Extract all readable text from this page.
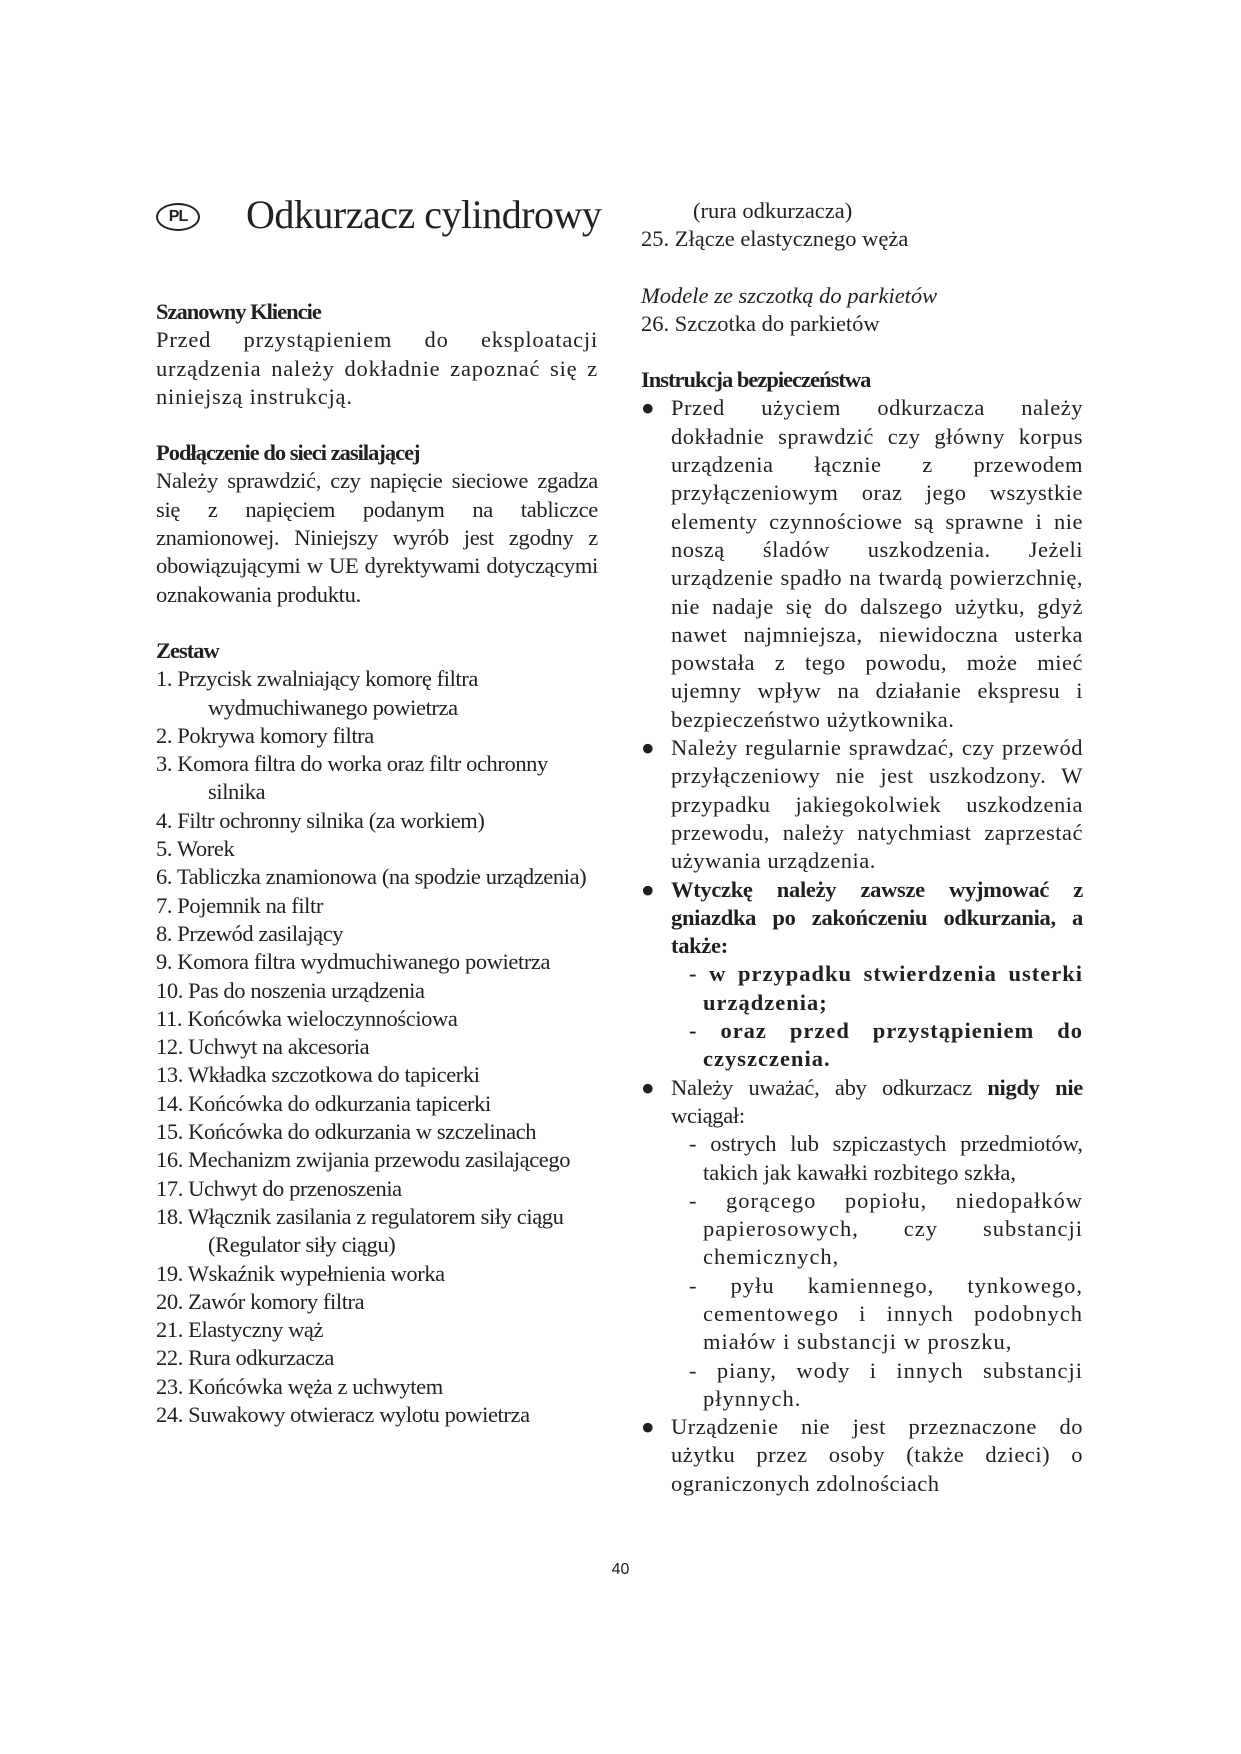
PL	Odkurzacz cylindrowy
Szanowny Kliencie

Przed przystąpieniem do eksploatacji urządzenia należy dokładnie zapoznać się z niniejszą instrukcją.

Podłączenie do sieci zasilającej

Należy sprawdzić, czy napięcie sieciowe zgadza się z napięciem podanym na tabliczce znamionowej. Niniejszy wyrób jest zgodny z obowiązującymi w UE dyrektywami dotyczącymi oznakowania produktu.

Zestaw
1. Przycisk zwalniający komorę filtra wydmuchiwanego powietrza
2. Pokrywa komory filtra
3. Komora filtra do worka oraz filtr ochronny silnika
4. Filtr ochronny silnika (za workiem)
5. Worek
6. Tabliczka znamionowa (na spodzie urządzenia)
7. Pojemnik na filtr
8. Przewód zasilający
9. Komora filtra wydmuchiwanego powietrza
10. Pas do noszenia urządzenia
11. Końcówka wieloczynnościowa
12. Uchwyt na akcesoria
13. Wkładka szczotkowa do tapicerki
14. Końcówka do odkurzania tapicerki
15. Końcówka do odkurzania w szczelinach
16. Mechanizm zwijania przewodu zasilającego
17. Uchwyt do przenoszenia
18. Włącznik zasilania z regulatorem siły ciągu (Regulator siły ciągu)
19. Wskaźnik wypełnienia worka
20. Zawór komory filtra
21. Elastyczny wąż
22. Rura odkurzacza
23. Końcówka węża z uchwytem
24. Suwakowy otwieracz wylotu powietrza
(rura odkurzacza)
25. Złącze elastycznego węża
Modele ze szczotką do parkietów
26. Szczotka do parkietów
Instrukcja bezpieczeństwa
● Przed użyciem odkurzacza należy dokładnie sprawdzić czy główny korpus urządzenia łącznie z przewodem przyłączeniowym oraz jego wszystkie elementy czynnościowe są sprawne i nie noszą śladów uszkodzenia. Jeżeli urządzenie spadło na twardą powierzchnię, nie nadaje się do dalszego użytku, gdyż nawet najmniejsza, niewidoczna usterka powstała z tego powodu, może mieć ujemny wpływ na działanie ekspresu i bezpieczeństwo użytkownika.
● Należy regularnie sprawdzać, czy przewód przyłączeniowy nie jest uszkodzony. W przypadku jakiegokolwiek uszkodzenia przewodu, należy natychmiast zaprzestać używania urządzenia.
● Wtyczkę należy zawsze wyjmować z gniazdka po zakończeniu odkurzania, a także:

- w przypadku stwierdzenia usterki urządzenia;

- oraz przed przystąpieniem do czyszczenia.

● Należy uważać, aby odkurzacz nigdy nie wciągał:

- ostrych lub szpiczastych przedmiotów, takich jak kawałki rozbitego szkła,

- gorącego popiołu, niedopałków papierosowych, czy substancji chemicznych,

- pyłu kamiennego, tynkowego, cementowego i innych podobnych miałów i substancji w proszku,

- piany, wody i innych substancji płynnych.

● Urządzenie nie jest przeznaczone do użytku przez osoby (także dzieci) o ograniczonych zdolnościach
40
